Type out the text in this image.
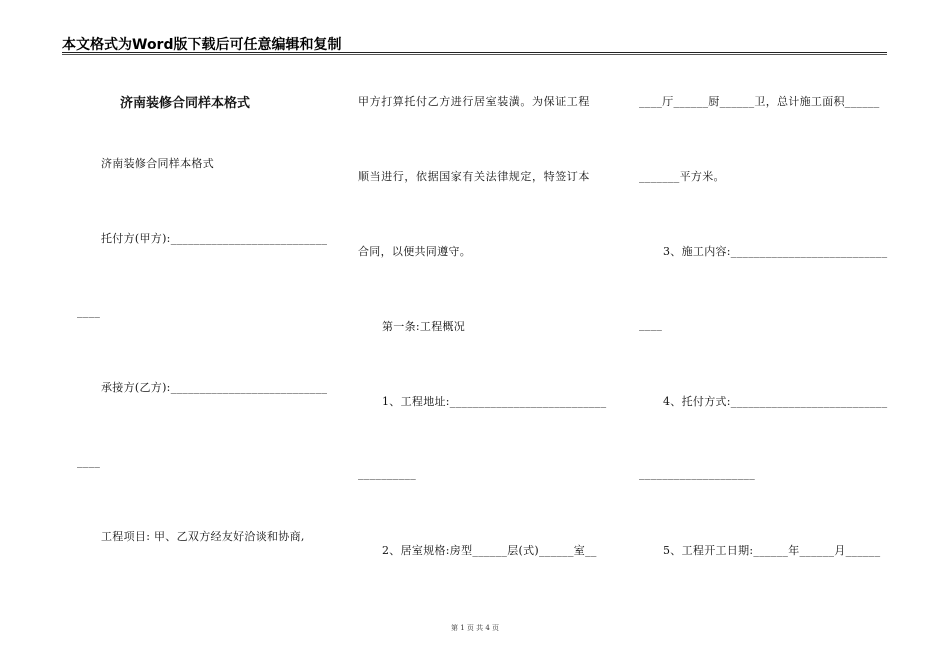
本文格式为Word版下载后可任意编辑和复制
济南装修合同样本格式
济南装修合同样本格式
托付方(甲方):___________________________
____
承接方(乙方):___________________________
____
工程项目: 甲、乙双方经友好洽谈和协商,
甲方打算托付乙方进行居室装潢。为保证工程
顺当进行，依据国家有关法律规定，特签订本
合同，以便共同遵守。
第一条:工程概况
1、工程地址:___________________________
__________
2、居室规格:房型______层(式)______室__
____厅______厨______卫，总计施工面积______
_______平方米。
3、施工内容:___________________________
____
4、托付方式:___________________________
____________________
5、工程开工日期:______年______月______
第 1 页 共 4 页
